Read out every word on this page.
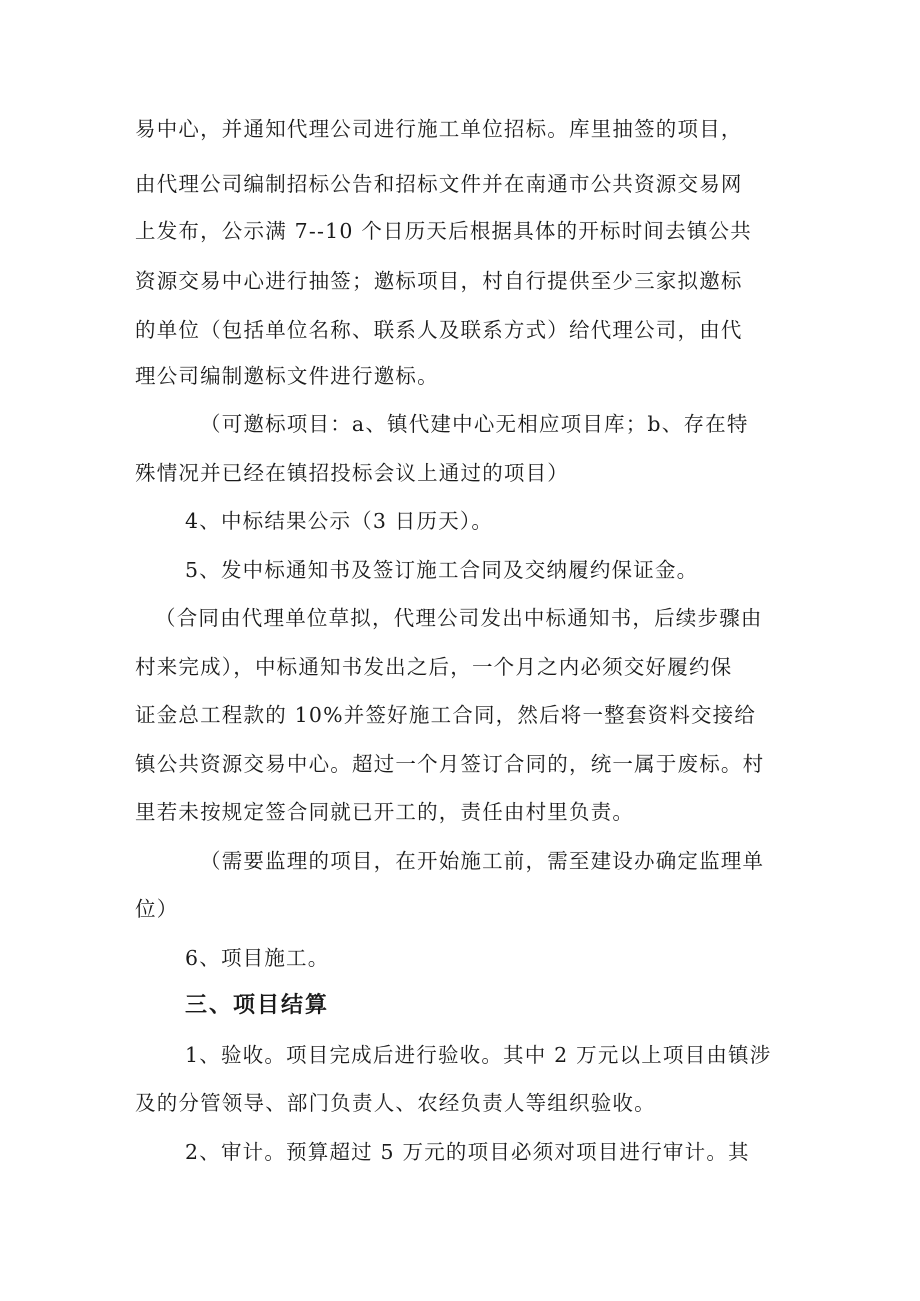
易中心，并通知代理公司进行施工单位招标。库里抽签的项目，
由代理公司编制招标公告和招标文件并在南通市公共资源交易网
上发布，公示满 7--10 个日历天后根据具体的开标时间去镇公共
资源交易中心进行抽签；邀标项目，村自行提供至少三家拟邀标
的单位（包括单位名称、联系人及联系方式）给代理公司，由代
理公司编制邀标文件进行邀标。
（可邀标项目：a、镇代建中心无相应项目库；b、存在特
殊情况并已经在镇招投标会议上通过的项目）
4、中标结果公示（3 日历天）。
5、发中标通知书及签订施工合同及交纳履约保证金。
（合同由代理单位草拟，代理公司发出中标通知书，后续步骤由
村来完成），中标通知书发出之后，一个月之内必须交好履约保
证金总工程款的 10%并签好施工合同，然后将一整套资料交接给
镇公共资源交易中心。超过一个月签订合同的，统一属于废标。村
里若未按规定签合同就已开工的，责任由村里负责。
（需要监理的项目，在开始施工前，需至建设办确定监理单
位）
6、项目施工。
三、项目结算
1、验收。项目完成后进行验收。其中 2 万元以上项目由镇涉
及的分管领导、部门负责人、农经负责人等组织验收。
2、审计。预算超过 5 万元的项目必须对项目进行审计。其
